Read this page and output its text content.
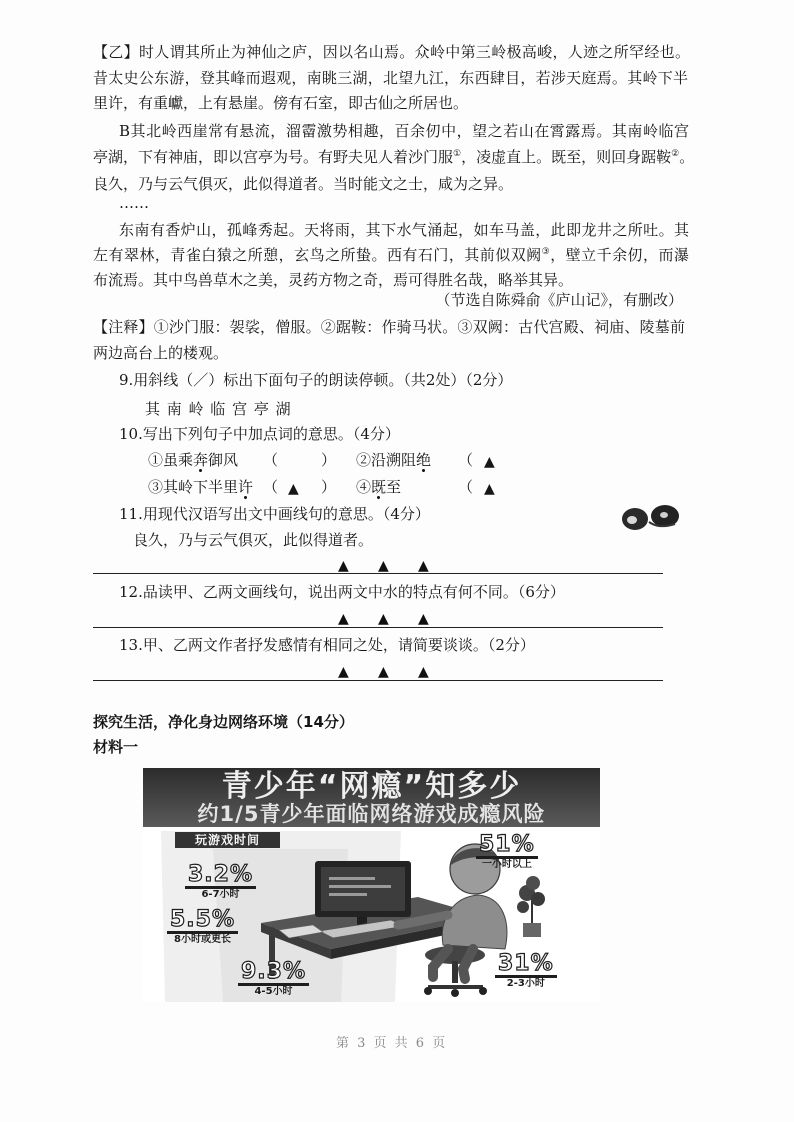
【乙】时人谓其所止为神仙之庐，因以名山焉。众岭中第三岭极高峻，人迹之所罕经也。
昔太史公东游，登其峰而遐观，南眺三湖，北望九江，东西肆目，若涉天庭焉。其岭下半
里许，有重巘，上有悬崖。傍有石室，即古仙之所居也。
B其北岭西崖常有悬流，溜霤激势相趣，百余仞中，望之若山在霄露焉。其南岭临宫
亭湖，下有神庙，即以宫亭为号。有野夫见人着沙门服①，凌虚直上。既至，则回身踞鞍②。
良久，乃与云气俱灭，此似得道者。当时能文之士，咸为之异。
……
东南有香炉山，孤峰秀起。天将雨，其下水气涌起，如车马盖，此即龙井之所吐。其
左有翠林，青雀白猿之所憩，玄鸟之所蛰。西有石门，其前似双阙③，壁立千余仞，而瀑
布流焉。其中鸟兽草木之美，灵药方物之奇，焉可得胜名哉，略举其异。
（节选自陈舜俞《庐山记》，有删改）
【注释】①沙门服：袈裟，僧服。②踞鞍：作骑马状。③双阙：古代宫殿、祠庙、陵墓前
两边高台上的楼观。
9.用斜线（／）标出下面句子的朗读停顿。（共2处）（2分）
其 南 岭 临 宫 亭 湖
10.写出下列句子中加点词的意思。（4分）
①虽乘奔御风 （	） ②沿溯阻绝 （ ▲
③其岭下半里许 （ ▲ ） ④既至	（ ▲
11.用现代汉语写出文中画线句的意思。（4分）
良久，乃与云气俱灭，此似得道者。
▲ ▲ ▲
12.品读甲、乙两文画线句，说出两文中水的特点有何不同。（6分）
▲ ▲ ▲
13.甲、乙两文作者抒发感情有相同之处，请简要谈谈。（2分）
▲ ▲ ▲
探究生活，净化身边网络环境（14分）
材料一
青少年“网瘾”知多少
约1/5青少年面临网络游戏成瘾风险
玩游戏时间	51%
一小时以上
3.2%
6-7小时
5.5%
8小时或更长
9.3%
4-5小时
31%
2-3小时
第 3 页 共 6 页
